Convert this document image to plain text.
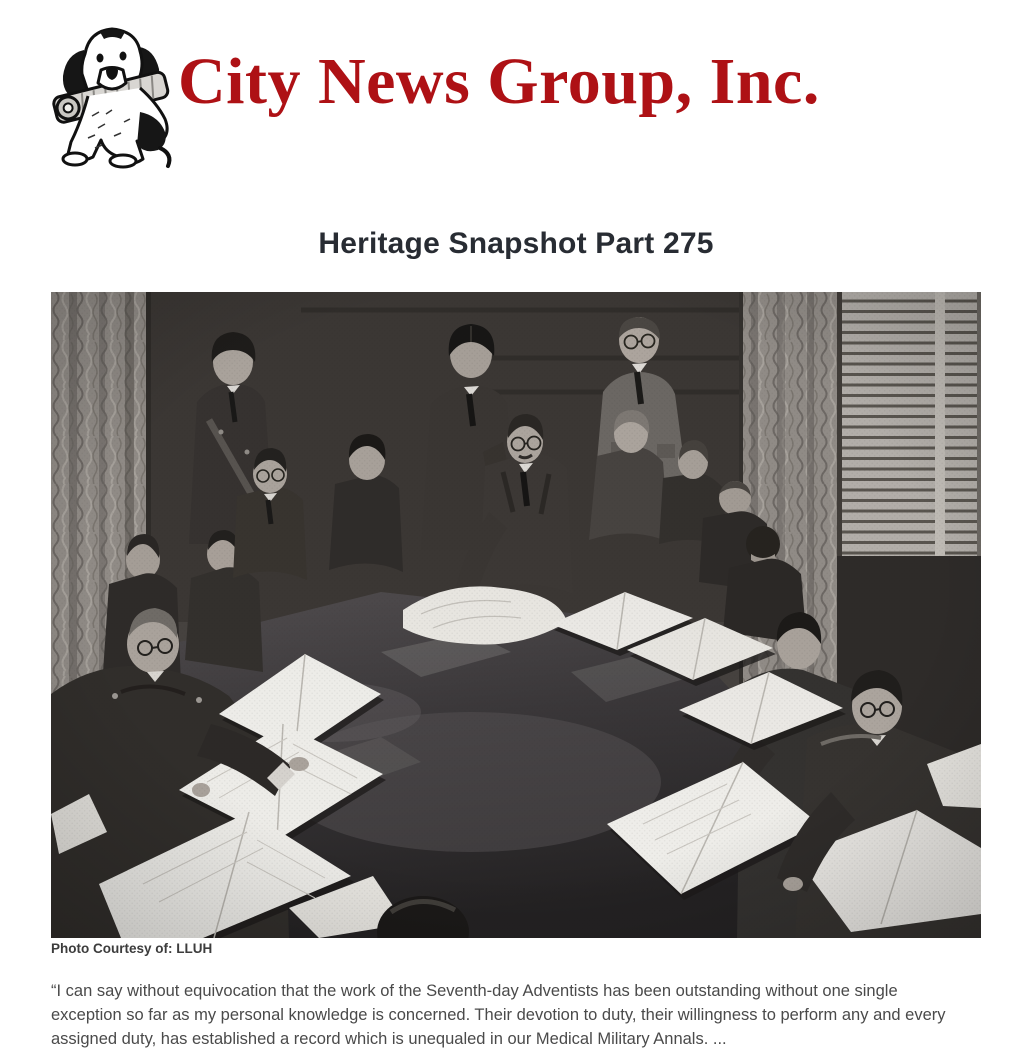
City News Group, Inc.
Heritage Snapshot Part 275
Photo Courtesy of: LLUH

“I can say without equivocation that the work of the Seventh-day Adventists has been outstanding without one single exception so far as my personal knowledge is concerned. Their devotion to duty, their willingness to perform any and every assigned duty, has established a record which is unequaled in our Medical Military Annals. ...
